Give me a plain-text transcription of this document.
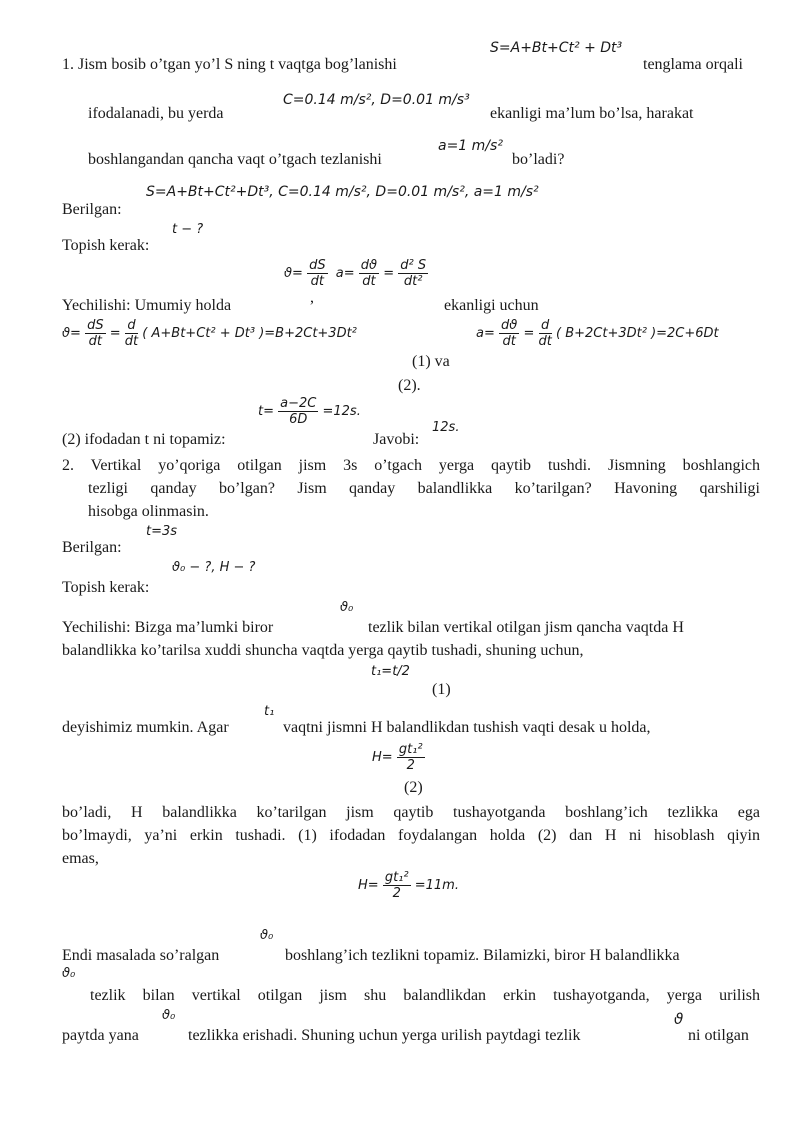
S=A+Bt+Ct² + Dt³
1. Jism bosib o’tgan yo’l S ning t vaqtga bog’lanishi	tenglama orqali
C=0.14 m/s², D=0.01 m/s³
ifodalanadi, bu yerda	ekanligi ma’lum bo’lsa, harakat
a=1 m/s²
boshlangandan qancha vaqt o’tgach tezlanishi	bo’ladi?
S=A+Bt+Ct²+Dt³, C=0.14 m/s², D=0.01 m/s², a=1 m/s²
Berilgan:
t − ?
Topish kerak:
$ϑ= \frac{dS}{dt} a= \frac{dϑ}{dt} = \frac{\text{d² S}}{\text{dt²}}$
Yechilishi: Umumiy holda	,	ekanligi uchun
$ϑ= \frac{dS}{dt} = \frac{d}{dt}$ ( A+Bt+Ct² + Dt³ )=B+2Ct+3Dt²	$a= \frac{dϑ}{dt} = \frac{d}{dt}$ ( B+2Ct+3Dt² )=2C+6Dt
(1) va
(2).
$t= \frac{a-2C}{6D} =12s$.
(2) ifodadan t ni topamiz:	Javobi:
12s.
2. Vertikal yo’qoriga otilgan jism 3s o’tgach yerga qaytib tushdi. Jismning boshlangich
tezligi qanday bo’lgan? Jism qanday balandlikka ko’tarilgan? Havoning qarshiligi
hisobga olinmasin.
t=3s
Berilgan:
ϑ₀ − ?, H − ?
Topish kerak:
ϑ₀
Yechilishi: Bizga ma’lumki biror	tezlik bilan vertikal otilgan jism qancha vaqtda H
balandlikka ko’tarilsa xuddi shuncha vaqtda yerga qaytib tushadi, shuning uchun,
t₁=t/2
(1)
t₁
deyishimiz mumkin. Agar	vaqtni jismni H balandlikdan tushish vaqti desak u holda,
$H= \frac{\text{gt₁²}}{2}$
(2)
bo’ladi, H balandlikka ko’tarilgan jism qaytib tushayotganda boshlang’ich tezlikka ega
bo’lmaydi, ya’ni erkin tushadi. (1) ifodadan foydalangan holda (2) dan H ni hisoblash qiyin
emas,
$H= \frac{\text{gt₁²}}{2} =11m$.
ϑ₀
Endi masalada so’ralgan	boshlang’ich tezlikni topamiz. Bilamizki, biror H balandlikka
ϑ₀
tezlik bilan vertikal otilgan jism shu balandlikdan erkin tushayotganda, yerga urilish
ϑ₀
paytda yana	tezlikka erishadi. Shuning uchun yerga urilish paytdagi tezlik
ϑ
ni otilgan
